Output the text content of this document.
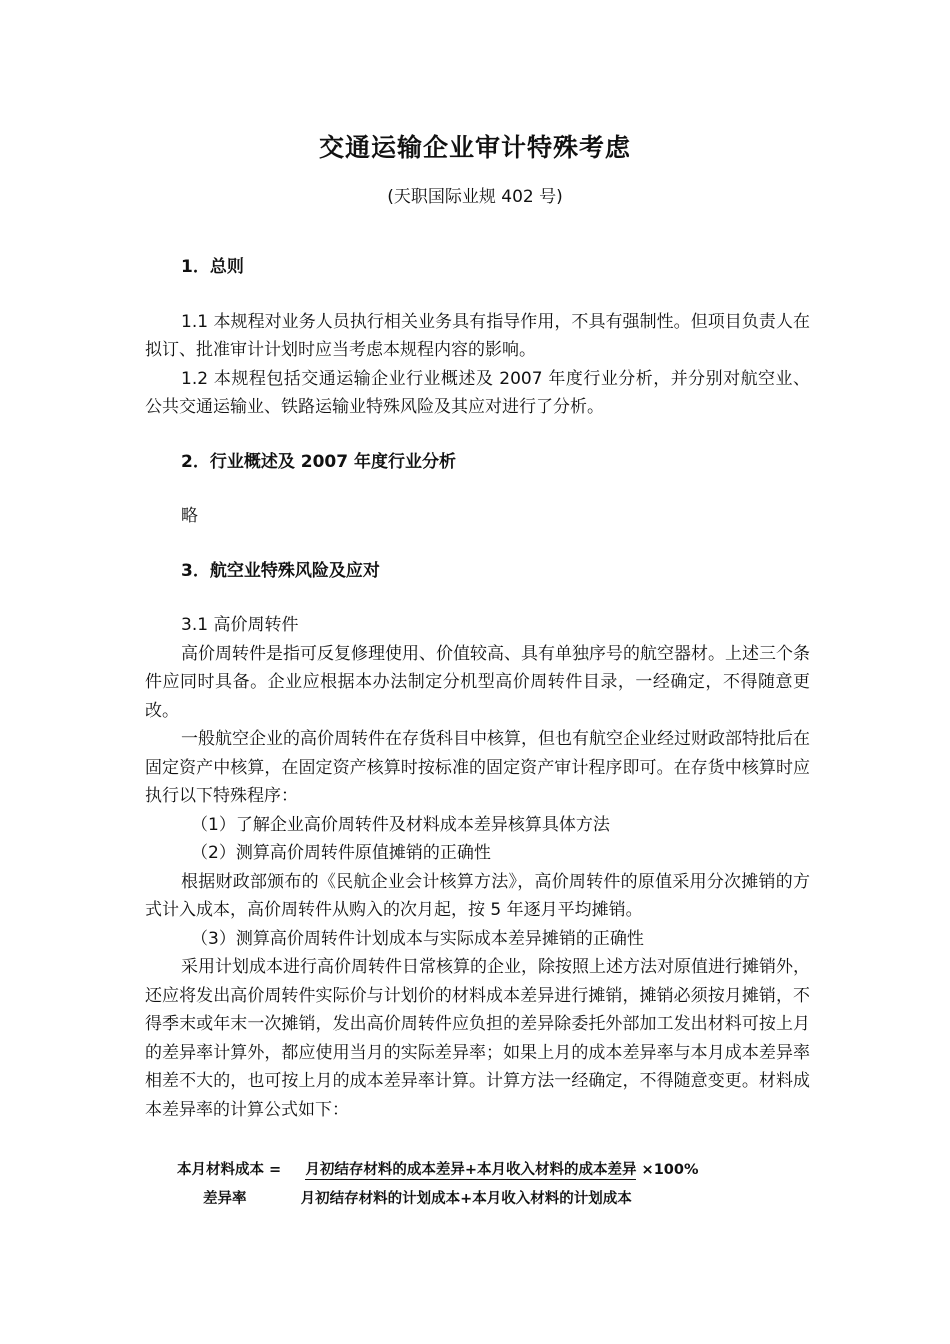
交通运输企业审计特殊考虑
(天职国际业规 402 号)
1．总则
1.1 本规程对业务人员执行相关业务具有指导作用，不具有强制性。但项目负责人在拟订、批准审计计划时应当考虑本规程内容的影响。
1.2 本规程包括交通运输企业行业概述及 2007 年度行业分析，并分别对航空业、公共交通运输业、铁路运输业特殊风险及其应对进行了分析。
2．行业概述及 2007 年度行业分析
略
3．航空业特殊风险及应对
3.1 高价周转件
高价周转件是指可反复修理使用、价值较高、具有单独序号的航空器材。上述三个条件应同时具备。企业应根据本办法制定分机型高价周转件目录，一经确定，不得随意更改。
一般航空企业的高价周转件在存货科目中核算，但也有航空企业经过财政部特批后在固定资产中核算，在固定资产核算时按标准的固定资产审计程序即可。在存货中核算时应执行以下特殊程序：
（1）了解企业高价周转件及材料成本差异核算具体方法
（2）测算高价周转件原值摊销的正确性
根据财政部颁布的《民航企业会计核算方法》，高价周转件的原值采用分次摊销的方式计入成本，高价周转件从购入的次月起，按 5 年逐月平均摊销。
（3）测算高价周转件计划成本与实际成本差异摊销的正确性
采用计划成本进行高价周转件日常核算的企业，除按照上述方法对原值进行摊销外，还应将发出高价周转件实际价与计划价的材料成本差异进行摊销，摊销必须按月摊销，不得季末或年末一次摊销，发出高价周转件应负担的差异除委托外部加工发出材料可按上月的差异率计算外，都应使用当月的实际差异率；如果上月的成本差异率与本月成本差异率相差不大的，也可按上月的成本差异率计算。计算方法一经确定，不得随意变更。材料成本差异率的计算公式如下：
本月材料成本 = 月初结存材料的成本差异+本月收入材料的成本差异 ×100%
差异率	月初结存材料的计划成本+本月收入材料的计划成本
